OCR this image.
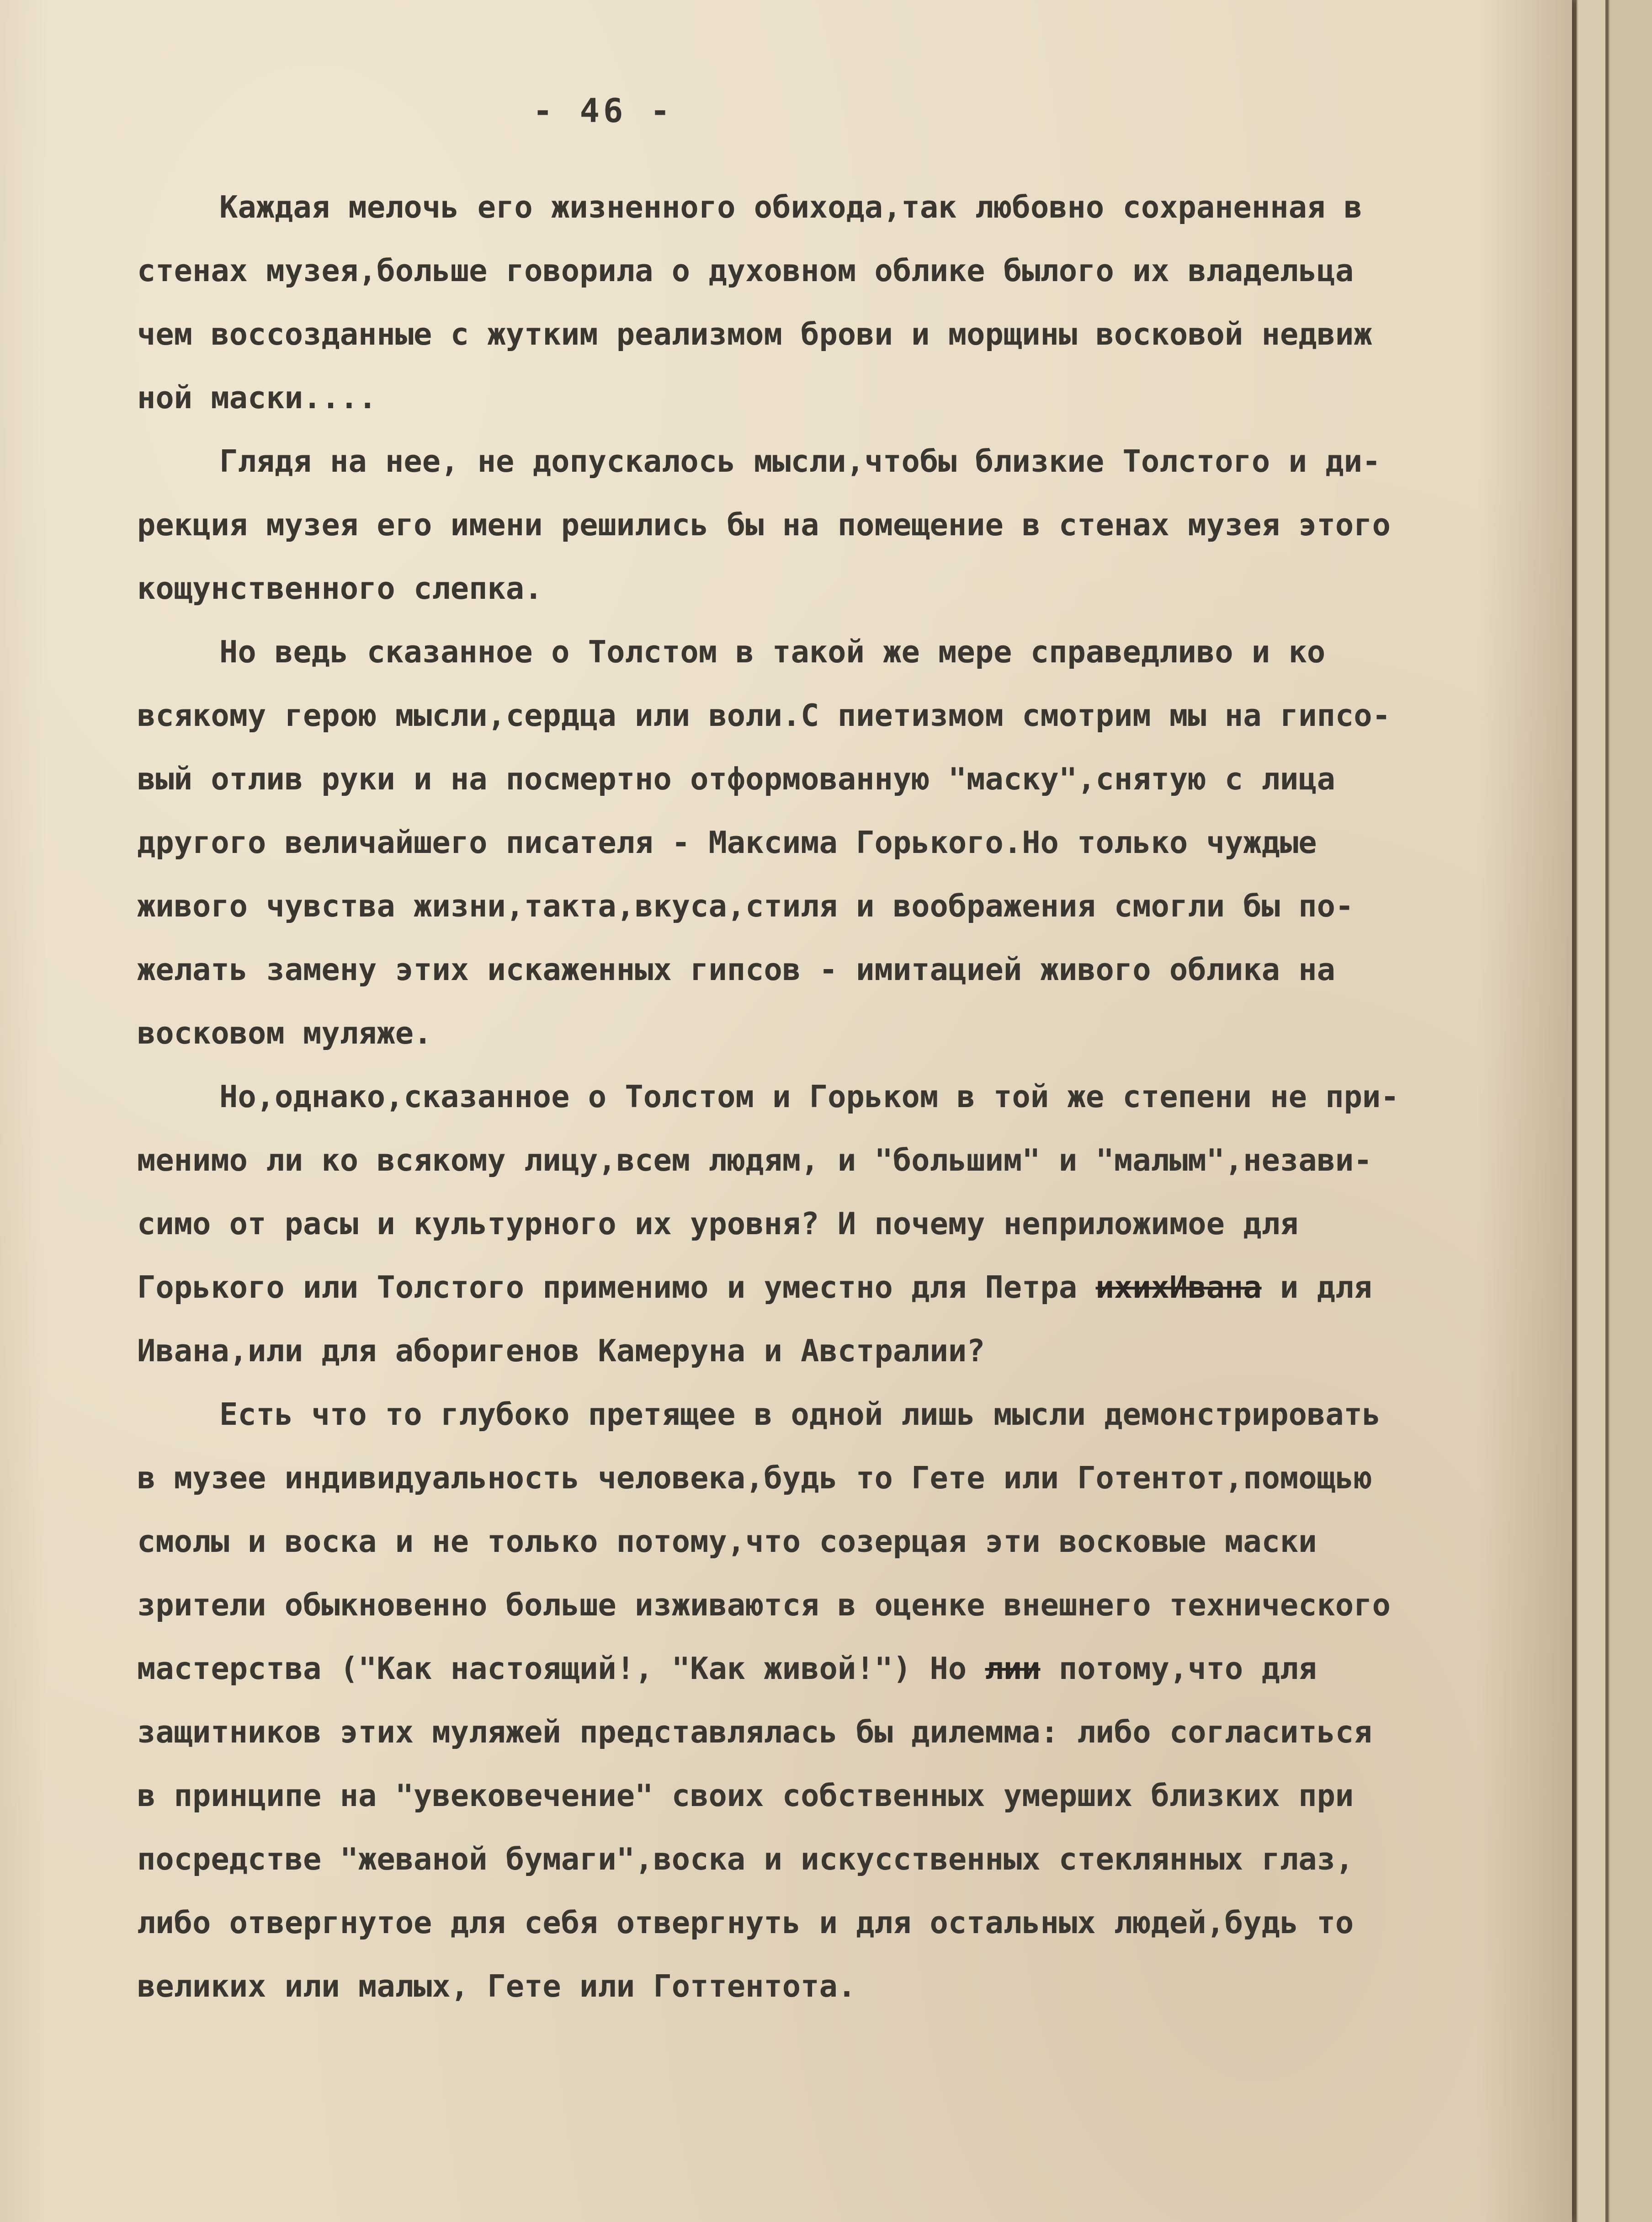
- 46 -
Каждая мелочь его жизненного обихода,так любовно сохраненная в
стенах музея,больше говорила о духовном облике былого их владельца
чем воссозданные с жутким реализмом брови и морщины восковой недвиж
ной маски....
Глядя на нее, не допускалось мысли,чтобы близкие Толстого и ди-
рекция музея его имени решились бы на помещение в стенах музея этого
кощунственного слепка.
Но ведь сказанное о Толстом в такой же мере справедливо и ко
всякому герою мысли,сердца или воли.С пиетизмом смотрим мы на гипсо-
вый отлив руки и на посмертно отформованную "маску",снятую с лица
другого величайшего писателя - Максима Горького.Но только чуждые
живого чувства жизни,такта,вкуса,стиля и воображения смогли бы по-
желать замену этих искаженных гипсов - имитацией живого облика на
восковом муляже.
Но,однако,сказанное о Толстом и Горьком в той же степени не при-
менимо ли ко всякому лицу,всем людям, и "большим" и "малым",незави-
симо от расы и культурного их уровня? И почему неприложимое для
Горького или Толстого применимо и уместно для Петра ихихИвана и для
Ивана,или для аборигенов Камеруна и Австралии?
Есть что то глубоко претящее в одной лишь мысли демонстрировать
в музее индивидуальность человека,будь то Гете или Готентот,помощью
смолы и воска и не только потому,что созерцая эти восковые маски
зрители обыкновенно больше изживаются в оценке внешнего технического
мастерства ("Как настоящий!, "Как живой!") Но лии потому,что для
защитников этих муляжей представлялась бы дилемма: либо согласиться
в принципе на "увековечение" своих собственных умерших близких при
посредстве "жеваной бумаги",воска и искусственных стеклянных глаз,
либо отвергнутое для себя отвергнуть и для остальных людей,будь то
великих или малых, Гете или Готтентота.
